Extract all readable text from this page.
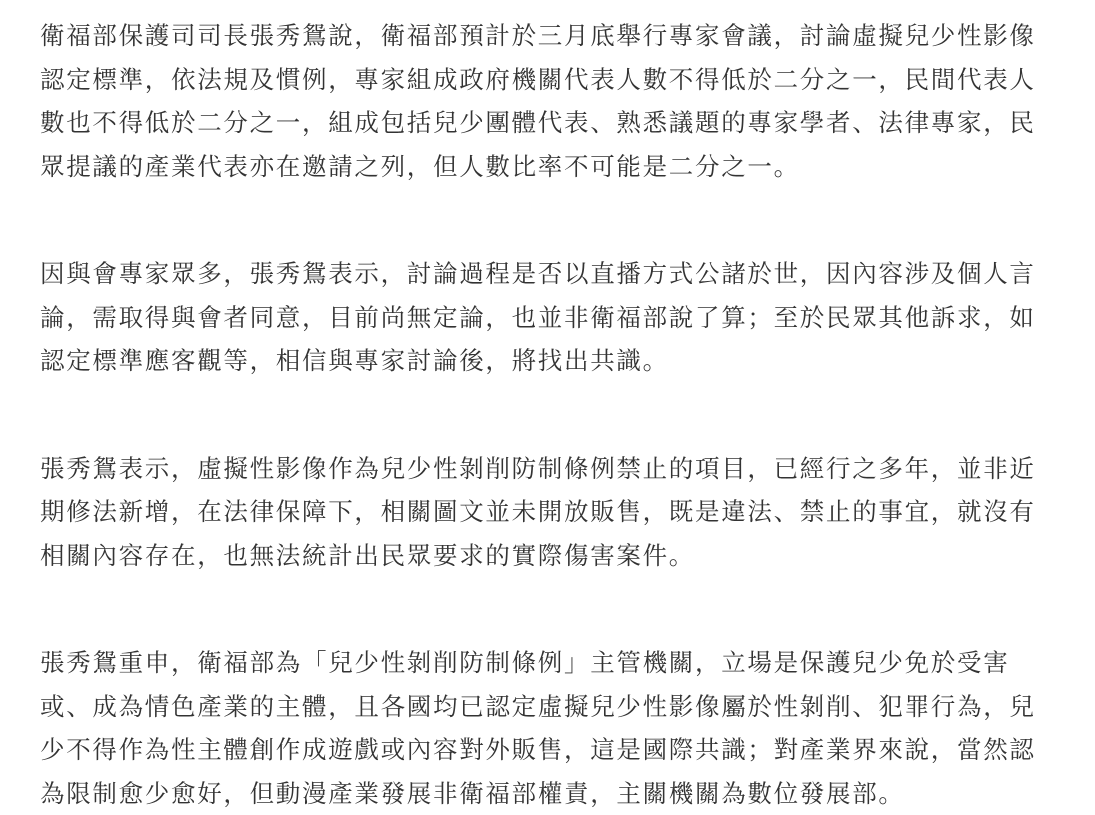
衛福部保護司司長張秀鴛說，衛福部預計於三月底舉行專家會議，討論虛擬兒少性影像
認定標準，依法規及慣例，專家組成政府機關代表人數不得低於二分之一，民間代表人
數也不得低於二分之一，組成包括兒少團體代表、熟悉議題的專家學者、法律專家，民
眾提議的產業代表亦在邀請之列，但人數比率不可能是二分之一。
因與會專家眾多，張秀鴛表示，討論過程是否以直播方式公諸於世，因內容涉及個人言
論，需取得與會者同意，目前尚無定論，也並非衛福部說了算；至於民眾其他訴求，如
認定標準應客觀等，相信與專家討論後，將找出共識。
張秀鴛表示，虛擬性影像作為兒少性剝削防制條例禁止的項目，已經行之多年，並非近
期修法新增，在法律保障下，相關圖文並未開放販售，既是違法、禁止的事宜，就沒有
相關內容存在，也無法統計出民眾要求的實際傷害案件。
張秀鴛重申，衛福部為「兒少性剝削防制條例」主管機關，立場是保護兒少免於受害
或、成為情色產業的主體，且各國均已認定虛擬兒少性影像屬於性剝削、犯罪行為，兒
少不得作為性主體創作成遊戲或內容對外販售，這是國際共識；對產業界來說，當然認
為限制愈少愈好，但動漫產業發展非衛福部權責，主關機關為數位發展部。
